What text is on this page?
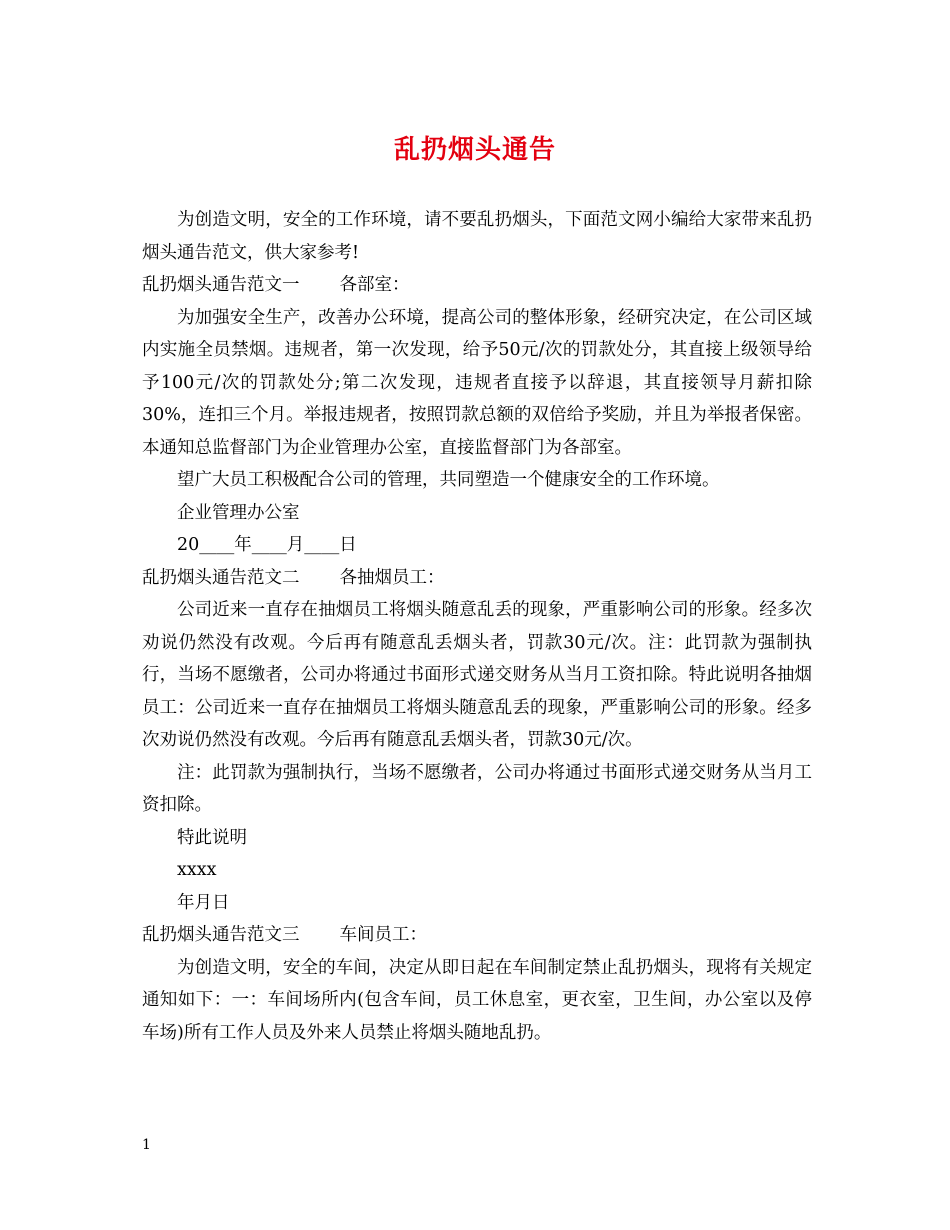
乱扔烟头通告

为创造文明，安全的工作环境，请不要乱扔烟头，下面范文网小编给大家带来乱扔烟头通告范文，供大家参考!

乱扔烟头通告范文一 各部室：

为加强安全生产，改善办公环境，提高公司的整体形象，经研究决定，在公司区域内实施全员禁烟。违规者，第一次发现，给予50元/次的罚款处分，其直接上级领导给予100元/次的罚款处分;第二次发现，违规者直接予以辞退，其直接领导月薪扣除30%，连扣三个月。举报违规者，按照罚款总额的双倍给予奖励，并且为举报者保密。本通知总监督部门为企业管理办公室，直接监督部门为各部室。

望广大员工积极配合公司的管理，共同塑造一个健康安全的工作环境。

企业管理办公室

20____年____月____日

乱扔烟头通告范文二 各抽烟员工：

公司近来一直存在抽烟员工将烟头随意乱丢的现象，严重影响公司的形象。经多次劝说仍然没有改观。今后再有随意乱丢烟头者，罚款30元/次。注：此罚款为强制执行，当场不愿缴者，公司办将通过书面形式递交财务从当月工资扣除。特此说明各抽烟员工：公司近来一直存在抽烟员工将烟头随意乱丢的现象，严重影响公司的形象。经多次劝说仍然没有改观。今后再有随意乱丢烟头者，罚款30元/次。

注：此罚款为强制执行，当场不愿缴者，公司办将通过书面形式递交财务从当月工资扣除。

特此说明

xxxx

年月日

乱扔烟头通告范文三 车间员工：

为创造文明，安全的车间，决定从即日起在车间制定禁止乱扔烟头，现将有关规定通知如下：一：车间场所内(包含车间，员工休息室，更衣室，卫生间，办公室以及停车场)所有工作人员及外来人员禁止将烟头随地乱扔。

1
